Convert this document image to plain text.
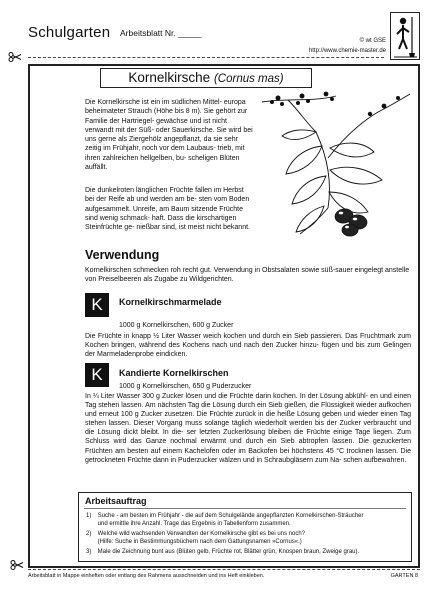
Schulgarten Arbeitsblatt Nr. _____
© wt GSE
http://www.chemie-master.de
Kornelkirsche (Cornus mas)

Die Kornelkirsche ist ein im südlichen Mittel- europa beheimateter Strauch (Höhe bis 8 m). Sie gehört zur Familie der Hartriegel- gewächse und ist nicht verwandt mit der Süß- oder Sauerkirsche. Sie wird bei uns gerne als Ziergehölz angepflanzt, da sie sehr zeitig im Frühjahr, noch vor dem Laubaus- trieb, mit ihren zahlreichen hellgelben, bu- scheligen Blüten auffällt.

Die dunkelroten länglichen Früchte fallen im Herbst bei der Reife ab und werden am be- sten vom Boden aufgesammelt. Unreife, am Baum sitzende Früchte sind wenig schmack- haft. Dass die kirschartigen Steinfrüchte ge- nießbar sind, ist meist nicht bekannt.

Verwendung

Kornelkirschen schmecken roh recht gut. Verwendung in Obstsalaten sowie süß-sauer eingelegt anstelle von Preiselbeeren als Zugabe zu Wildgerichten.

K	Kornelkirschmarmelade

1000 g Kornelkirschen, 600 g Zucker

Die Früchte in knapp ½ Liter Wasser weich kochen und durch ein Sieb passieren. Das Fruchtmark zum Kochen bringen, während des Kochens nach und nach den Zucker hinzu- fügen und bis zum Gelingen der Marmeladenprobe eindicken.

K	Kandierte Kornelkirschen

1000 g Kornelkirschen, 650 g Puderzucker

In ¼ Liter Wasser 300 g Zucker lösen und die Früchte darin kochen. In der Lösung abkühl- en und einen Tag stehen lassen. Am nächsten Tag die Lösung durch ein Sieb gießen, die Flüssigkeit wieder aufkochen und erneut 100 g Zucker zusetzen. Die Früchte zurück in die heiße Lösung geben und wieder einen Tag stehen lassen. Dieser Vorgang muss solange täglich wiederholt werden bis der Zucker verbraucht und die Lösung dickt bleibt. In die- ser letzten Zuckerlösung bleiben die Früchte einige Tage liegen. Zum Schluss wird das Ganze nochmal erwärmt und durch ein Sieb abtropfen lassen. Die gezuckerten Früchten am besten auf einem Kachelofen oder im Backofen bei höchstens 45 °C trocknen lassen. Die getrockneten Früchte dann in Puderzucker wälzen und in Schraubgläsern zum Na- schen aufbewahren.

Arbeitsauftrag
1) Suche - am besten im Frühjahr - die auf dem Schulgelände angepflanzten Kornelkirschen-Sträucher
und ermittle ihre Anzahl. Trage das Ergebnis in Tabellenform zusammen.
2) Welche wild wachsenden Verwandten der Kornelkirsche gibt es bei uns noch?
(Hilfe: Suche in Bestimmungsbüchern nach dem Gattungsnamen »Cornus«.)
3) Male die Zeichnung bunt aus (Blüten gelb, Früchte rot, Blätter grün, Knospen braun, Zweige grau).

Arbeitsblatt in Mappe einheften oder entlang des Rahmens ausschneiden und ins Heft einkleben.	GARTEN 8
